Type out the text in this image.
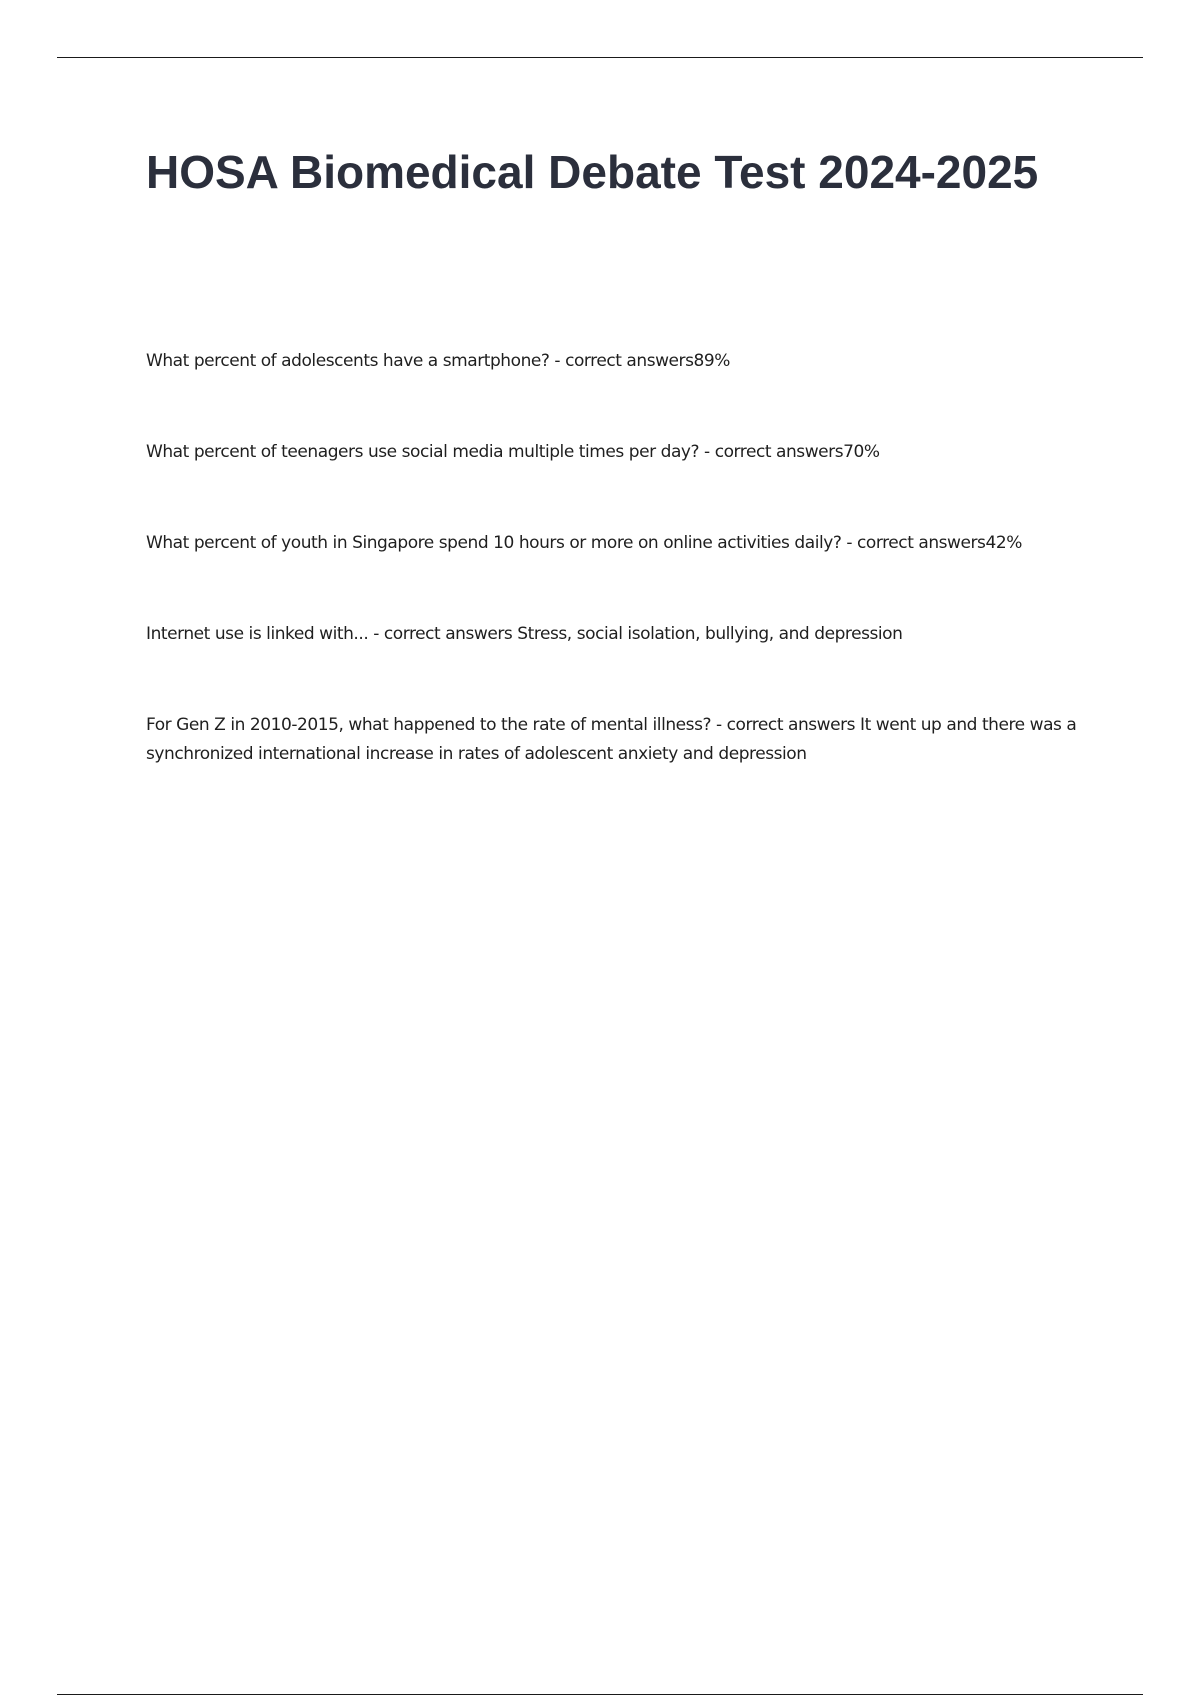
HOSA Biomedical Debate Test 2024-2025
What percent of adolescents have a smartphone? - correct answers89%
What percent of teenagers use social media multiple times per day? - correct answers70%
What percent of youth in Singapore spend 10 hours or more on online activities daily? - correct answers42%
Internet use is linked with... - correct answers Stress, social isolation, bullying, and depression
For Gen Z in 2010-2015, what happened to the rate of mental illness? - correct answers It went up and there was a synchronized international increase in rates of adolescent anxiety and depression
